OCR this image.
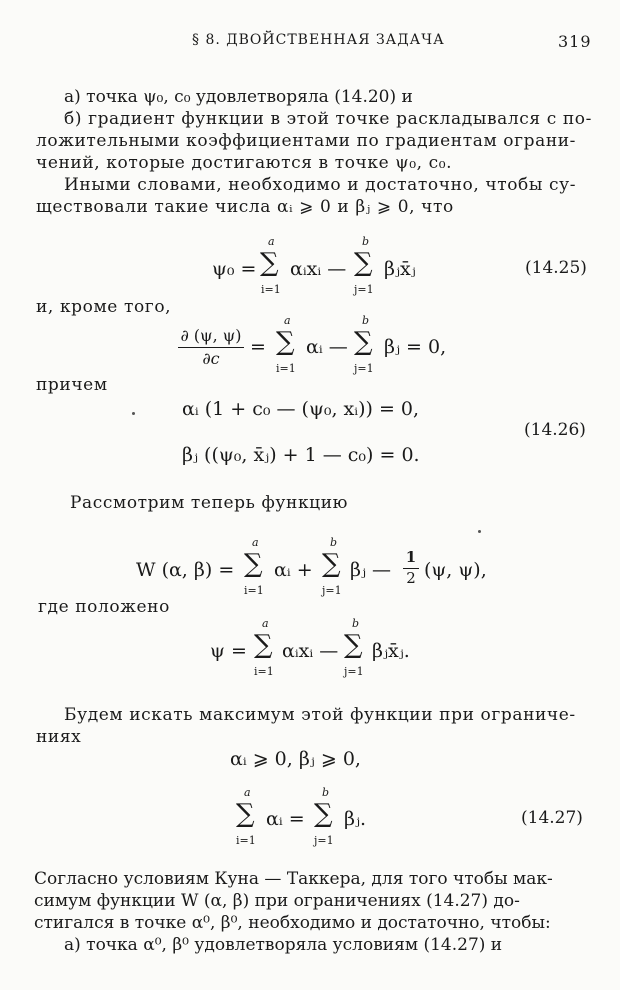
§ 8. ДВОЙСТВЕННАЯ ЗАДАЧА	319
а) точка ψ₀, c₀ удовлетворяла (14.20) и
б) градиент функции в этой точке раскладывался с по-
ложительными коэффициентами по градиентам ограни-
чений, которые достигаются в точке ψ₀, c₀.
Иными словами, необходимо и достаточно, чтобы су-
ществовали такие числа αᵢ ⩾ 0 и βⱼ ⩾ 0, что
ψ₀ =
a
∑
i=1
αᵢxᵢ —
b
∑
j=1
βⱼx̄ⱼ	(14.25)
и, кроме того,
∂ (ψ, ψ)
∂c
=
a
∑
i=1
αᵢ —
b
∑
j=1
βⱼ = 0,
причем
αᵢ (1 + c₀ — (ψ₀, xᵢ)) = 0,
βⱼ ((ψ₀, x̄ⱼ) + 1 — c₀) = 0.
(14.26)
Рассмотрим теперь функцию
W (α, β) =
a
∑
i=1
αᵢ +
b
∑
j=1
βⱼ —
1
2 (ψ, ψ),
где положено
ψ =
a
∑
i=1
αᵢxᵢ —
b
∑
j=1
βⱼx̄ⱼ.
Будем искать максимум этой функции при ограниче-
ниях
αᵢ ⩾ 0, βⱼ ⩾ 0,
a
∑
i=1
αᵢ =
b
∑
j=1
βⱼ.	(14.27)
Согласно условиям Куна — Таккера, для того чтобы мак-
симум функции W (α, β) при ограничениях (14.27) до-
стигался в точке α⁰, β⁰, необходимо и достаточно, чтобы:
а) точка α⁰, β⁰ удовлетворяла условиям (14.27) и
